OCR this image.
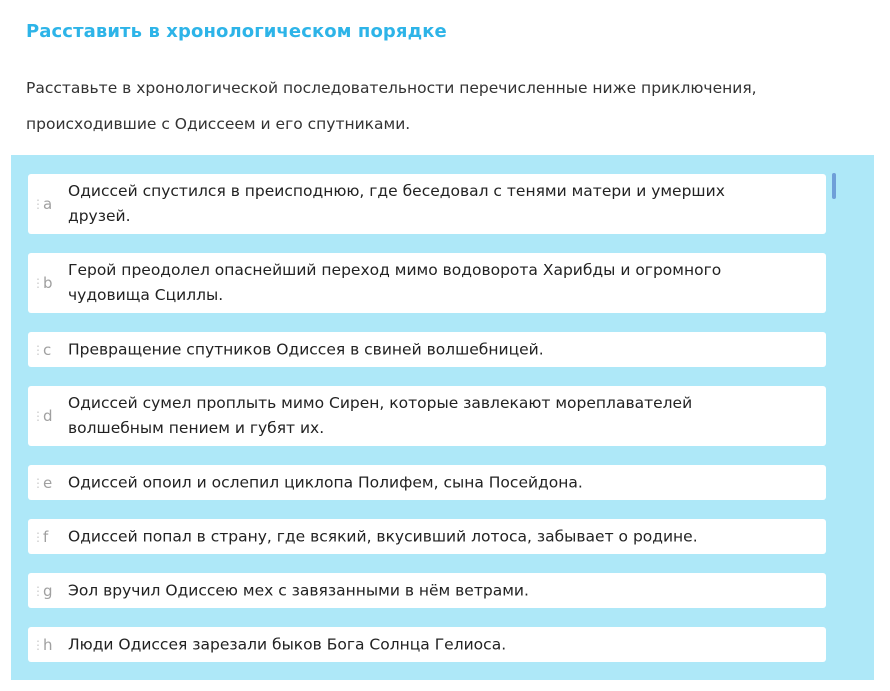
Расставить в хронологическом порядке
Расставьте в хронологической последовательности перечисленные ниже приключения, происходившие с Одиссеем и его спутниками.
⋮ a
Одиссей спустился в преисподнюю, где беседовал с тенями матери и умерших друзей.
⋮ b
Герой преодолел опаснейший переход мимо водоворота Харибды и огромного чудовища Сциллы.
⋮ c Превращение спутников Одиссея в свиней волшебницей.
⋮ d
Одиссей сумел проплыть мимо Сирен, которые завлекают мореплавателей волшебным пением и губят их.
⋮ e Одиссей опоил и ослепил циклопа Полифем, сына Посейдона.
⋮ f Одиссей попал в страну, где всякий, вкусивший лотоса, забывает о родине.
⋮ g Эол вручил Одиссею мех с завязанными в нём ветрами.
⋮ h Люди Одиссея зарезали быков Бога Солнца Гелиоса.
